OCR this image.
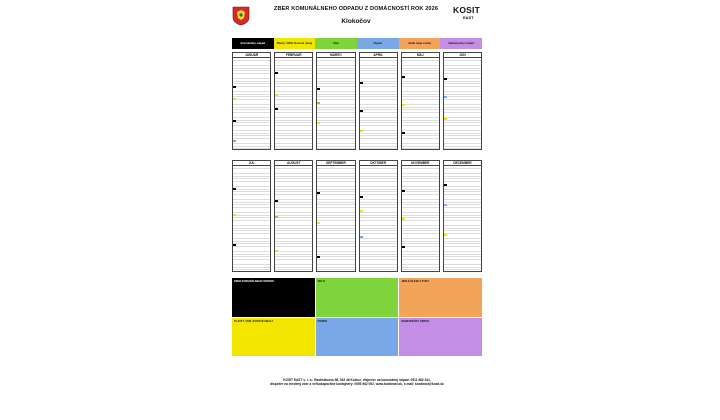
ZBER KOMUNÁLNEHO ODPADU Z DOMÁCNOSTÍ ROK 2026
Klokočov
KOSIT
EAST
Komunálny odpad	Plasty, VKM, Kovové obaly	Sklo	Papier	Jedlé oleje a tuky	Nebezpečný odpad
JANUÁR	FEBRUÁR	MAREC	APRÍL	MÁJ	JÚN
JÚL	AUGUST	SEPTEMBER	OKTÓBER	NOVEMBER	DECEMBER
ZBER KOMUNÁLNEHO ODPADU	SKLO	JEDLÉ OLEJE A TUKY
PLASTY, VKM, KOVOVÉ OBALY	PAPIER	NEBEZPEČNÝ ODPAD
KOSIT EAST s. r. o., Rastislavova 98, 043 46 Košice, dispečer na komunálny odpad: 0911 982 041,
dispečer na triedený zber a veľkokapacitné kontajnery: 0905 982 092, www.kositeast.sk, e-mail: kositeast@kosit.sk
